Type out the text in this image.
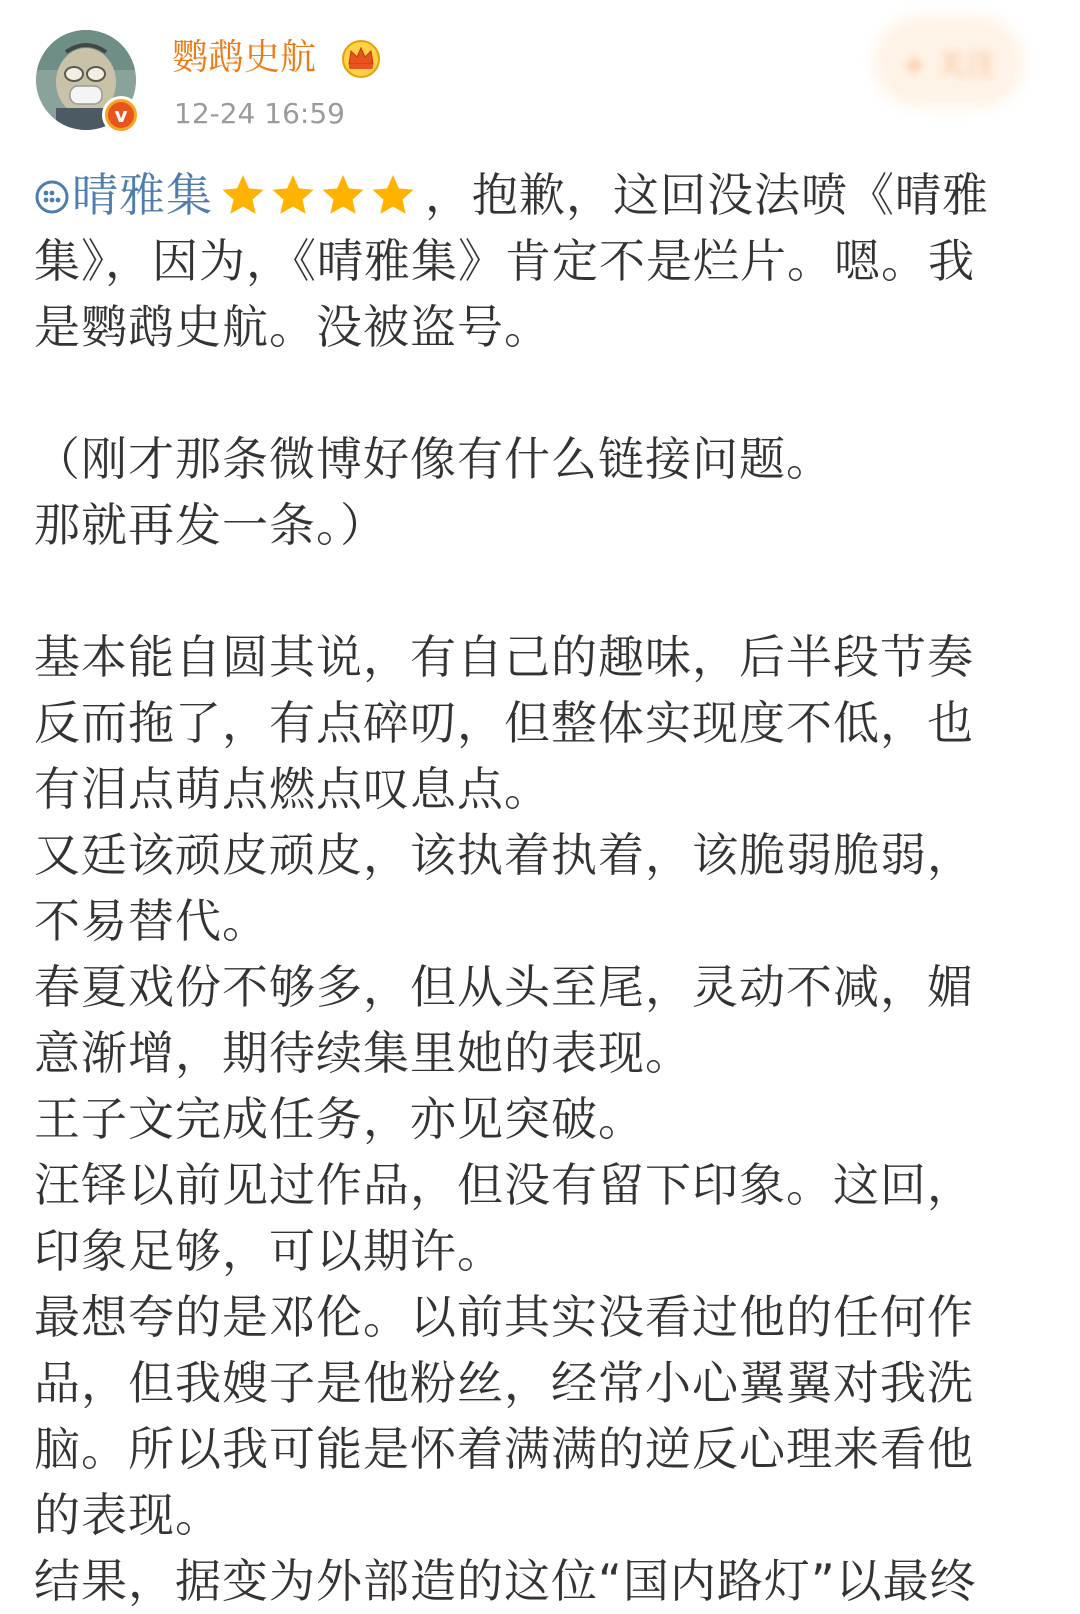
v
鹦鹉史航
12-24 16:59
+ 关注

晴雅集	，抱歉，这回没法喷《晴雅集》，因为，《晴雅集》肯定不是烂片。嗯。我是鹦鹉史航。没被盗号。

（刚才那条微博好像有什么链接问题。
那就再发一条。）

基本能自圆其说，有自己的趣味，后半段节奏反而拖了，有点碎叨，但整体实现度不低，也有泪点萌点燃点叹息点。

又廷该顽皮顽皮，该执着执着，该脆弱脆弱，不易替代。

春夏戏份不够多，但从头至尾，灵动不减，媚意渐增，期待续集里她的表现。

王子文完成任务，亦见突破。

汪铎以前见过作品，但没有留下印象。这回，印象足够，可以期许。

最想夸的是邓伦。以前其实没看过他的任何作品，但我嫂子是他粉丝，经常小心翼翼对我洗脑。所以我可能是怀着满满的逆反心理来看他的表现。

结果，据变为外部造的这位“国内路灯”以最终
